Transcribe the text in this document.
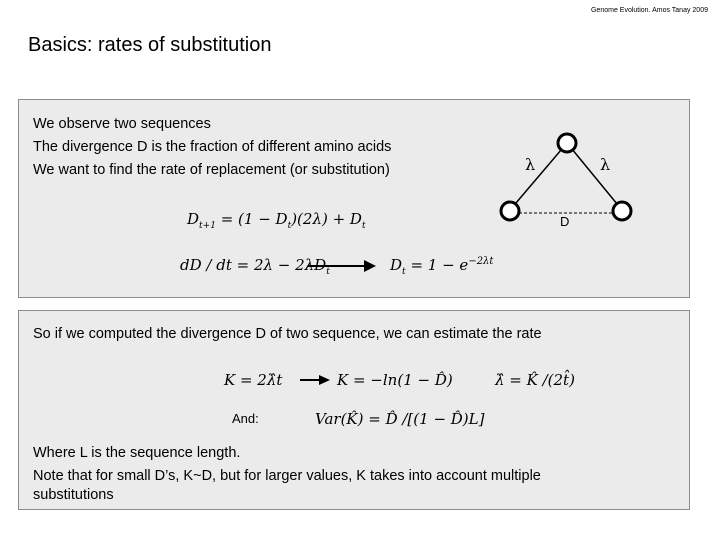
Genome Evolution. Amos Tanay 2009
Basics: rates of substitution
We observe two sequences
The divergence D is the fraction of different amino acids
We want to find the rate of replacement (or substitution)	λ	λ
D
$D_{t+1} = (1 - D_t)(2\lambda) + D_t$
dD / dt = $2\lambda - 2\lambda D_t$	$D_t = 1 - e^{-2\lambda t}$
So if we computed the divergence D of two sequence, we can estimate the rate
K = 2λ̂t	K = −ln(1 − D̂)	λ̂ = K̂ /(2t̂)
And:	Var(K̂) = D̂ /[(1 − D̂)L]
Where L is the sequence length.
Note that for small D’s, K~D, but for larger values, K takes into account multiple
substitutions
